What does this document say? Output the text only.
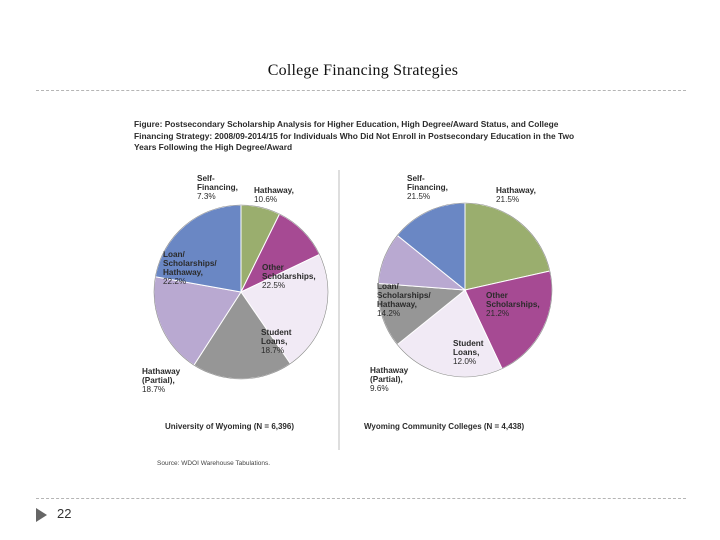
College Financing Strategies
Figure: Postsecondary Scholarship Analysis for Higher Education, High Degree/Award Status, and College Financing Strategy: 2008/09-2014/15 for Individuals Who Did Not Enroll in Postsecondary Education in the Two Years Following the High Degree/Award
Self-Financing, 7.3%
Hathaway, 10.6%
Other Scholarships, 22.5%
Student Loans, 18.7%
Hathaway (Partial), 18.7%
Loan/ Scholarships/ Hathaway, 22.2%
Self-Financing, 21.5%
Hathaway, 21.5%
Other Scholarships, 21.2%
Student Loans, 12.0%
Hathaway (Partial), 9.6%
Loan/ Scholarships/ Hathaway, 14.2%
University of Wyoming (N = 6,396)	Wyoming Community Colleges (N = 4,438)
Source: WDOI Warehouse Tabulations.
22
